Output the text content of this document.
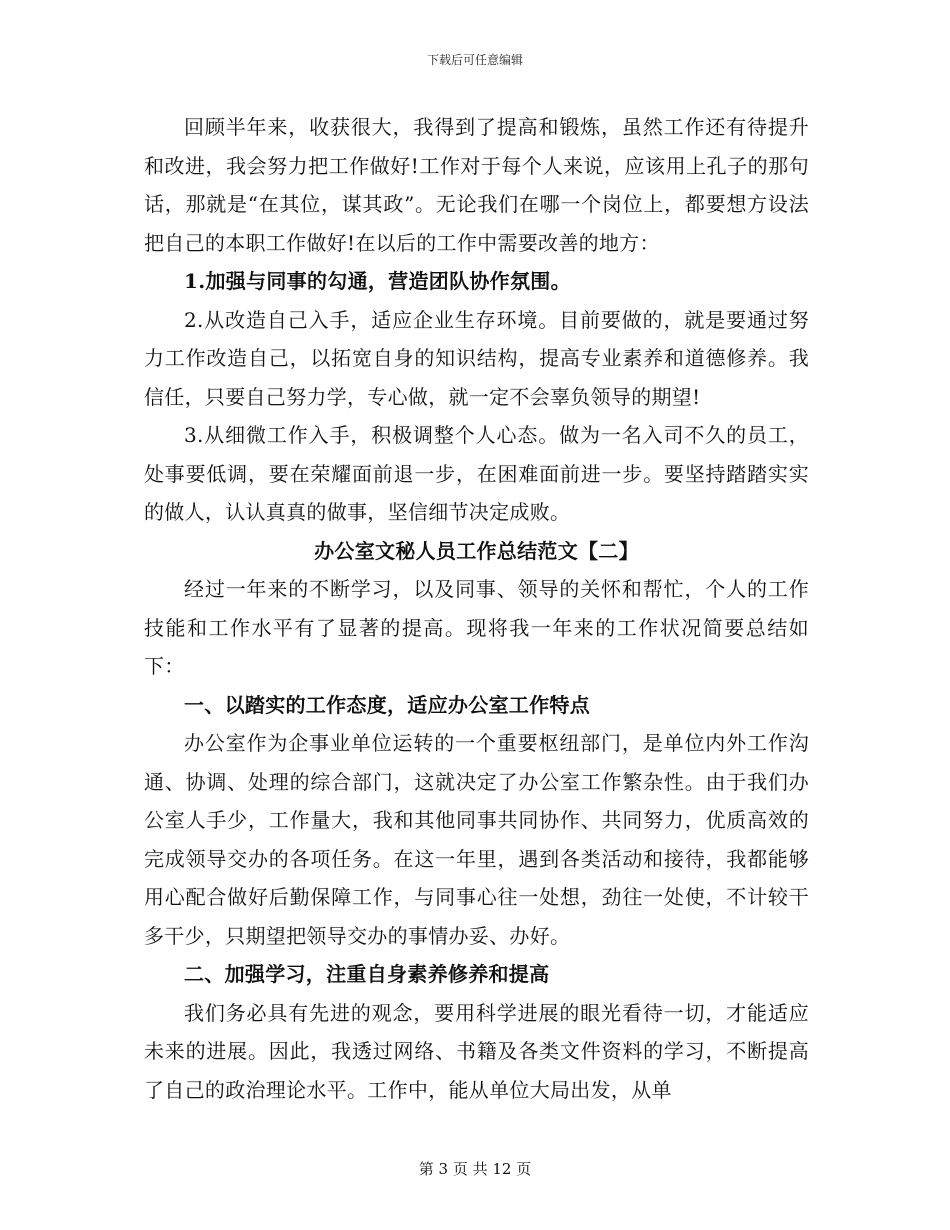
下载后可任意编辑

回顾半年来，收获很大，我得到了提高和锻炼，虽然工作还有待提升和改进，我会努力把工作做好!工作对于每个人来说，应该用上孔子的那句话，那就是“在其位，谋其政”。无论我们在哪一个岗位上，都要想方设法把自己的本职工作做好!在以后的工作中需要改善的地方：

1.加强与同事的勾通，营造团队协作氛围。

2.从改造自己入手，适应企业生存环境。目前要做的，就是要通过努力工作改造自己，以拓宽自身的知识结构，提高专业素养和道德修养。我信任，只要自己努力学，专心做，就一定不会辜负领导的期望!

3.从细微工作入手，积极调整个人心态。做为一名入司不久的员工，处事要低调，要在荣耀面前退一步，在困难面前进一步。要坚持踏踏实实的做人，认认真真的做事，坚信细节决定成败。

办公室文秘人员工作总结范文【二】

经过一年来的不断学习，以及同事、领导的关怀和帮忙，个人的工作技能和工作水平有了显著的提高。现将我一年来的工作状况简要总结如下：

一、以踏实的工作态度，适应办公室工作特点

办公室作为企事业单位运转的一个重要枢纽部门，是单位内外工作沟通、协调、处理的综合部门，这就决定了办公室工作繁杂性。由于我们办公室人手少，工作量大，我和其他同事共同协作、共同努力，优质高效的完成领导交办的各项任务。在这一年里，遇到各类活动和接待，我都能够用心配合做好后勤保障工作，与同事心往一处想，劲往一处使，不计较干多干少，只期望把领导交办的事情办妥、办好。

二、加强学习，注重自身素养修养和提高

我们务必具有先进的观念，要用科学进展的眼光看待一切，才能适应未来的进展。因此，我透过网络、书籍及各类文件资料的学习，不断提高了自己的政治理论水平。工作中，能从单位大局出发，从单

第 3 页 共 12 页
